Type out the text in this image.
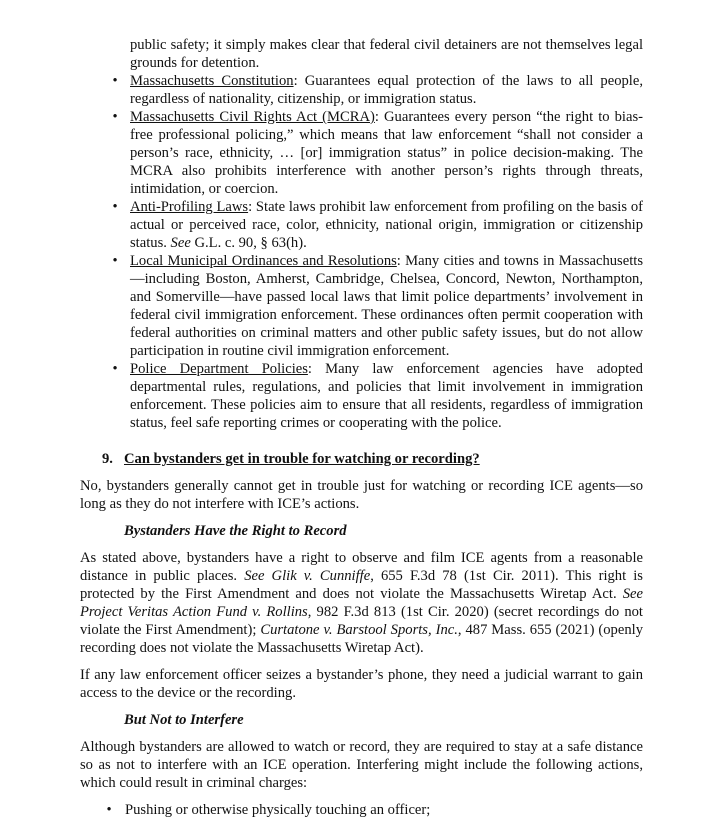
public safety; it simply makes clear that federal civil detainers are not themselves legal grounds for detention.

• Massachusetts Constitution: Guarantees equal protection of the laws to all people, regardless of nationality, citizenship, or immigration status.
• Massachusetts Civil Rights Act (MCRA): Guarantees every person “the right to bias-free professional policing,” which means that law enforcement “shall not consider a person’s race, ethnicity, … [or] immigration status” in police decision-making. The MCRA also prohibits interference with another person’s rights through threats, intimidation, or coercion.
• Anti-Profiling Laws: State laws prohibit law enforcement from profiling on the basis of actual or perceived race, color, ethnicity, national origin, immigration or citizenship status. See G.L. c. 90, § 63(h).
• Local Municipal Ordinances and Resolutions: Many cities and towns in Massachusetts—including Boston, Amherst, Cambridge, Chelsea, Concord, Newton, Northampton, and Somerville—have passed local laws that limit police departments’ involvement in federal civil immigration enforcement. These ordinances often permit cooperation with federal authorities on criminal matters and other public safety issues, but do not allow participation in routine civil immigration enforcement.
• Police Department Policies: Many law enforcement agencies have adopted departmental rules, regulations, and policies that limit involvement in immigration enforcement. These policies aim to ensure that all residents, regardless of immigration status, feel safe reporting crimes or cooperating with the police.
9. Can bystanders get in trouble for watching or recording?

No, bystanders generally cannot get in trouble just for watching or recording ICE agents—so long as they do not interfere with ICE’s actions.

Bystanders Have the Right to Record

As stated above, bystanders have a right to observe and film ICE agents from a reasonable distance in public places. See Glik v. Cunniffe, 655 F.3d 78 (1st Cir. 2011). This right is protected by the First Amendment and does not violate the Massachusetts Wiretap Act. See Project Veritas Action Fund v. Rollins, 982 F.3d 813 (1st Cir. 2020) (secret recordings do not violate the First Amendment); Curtatone v. Barstool Sports, Inc., 487 Mass. 655 (2021) (openly recording does not violate the Massachusetts Wiretap Act).

If any law enforcement officer seizes a bystander’s phone, they need a judicial warrant to gain access to the device or the recording.

But Not to Interfere

Although bystanders are allowed to watch or record, they are required to stay at a safe distance so as not to interfere with an ICE operation. Interfering might include the following actions, which could result in criminal charges:

• Pushing or otherwise physically touching an officer;
